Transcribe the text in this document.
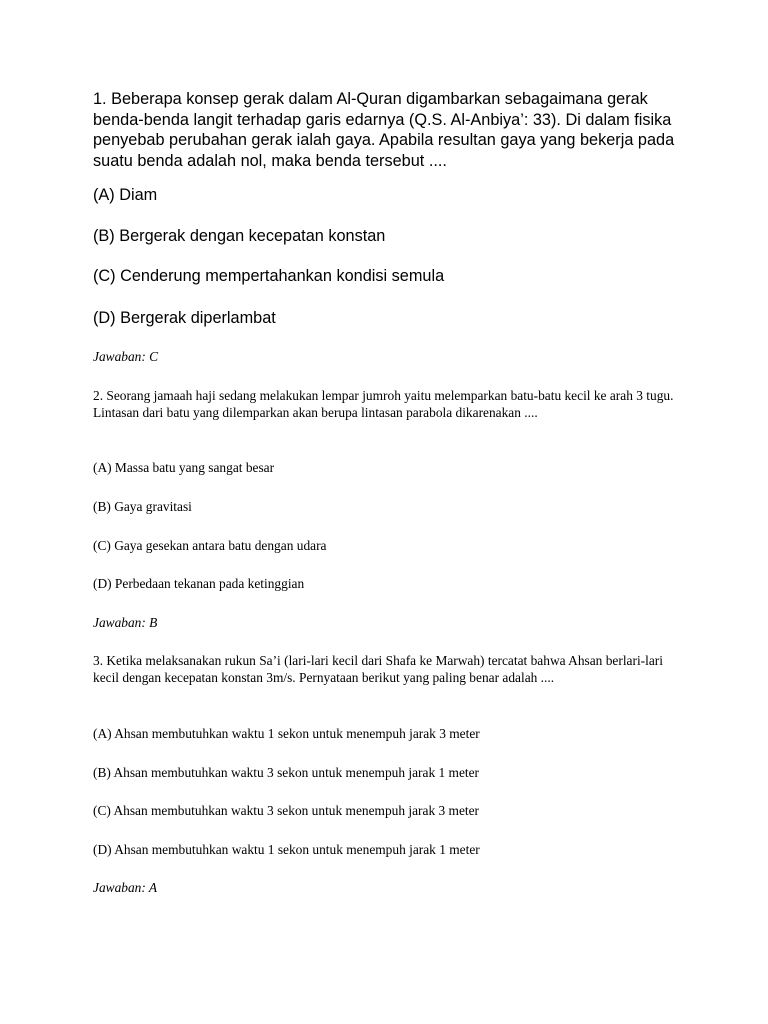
1. Beberapa konsep gerak dalam Al-Quran digambarkan sebagaimana gerak benda-benda langit terhadap garis edarnya (Q.S. Al-Anbiya’: 33). Di dalam fisika penyebab perubahan gerak ialah gaya. Apabila resultan gaya yang bekerja pada suatu benda adalah nol, maka benda tersebut ....

(A) Diam

(B) Bergerak dengan kecepatan konstan

(C) Cenderung mempertahankan kondisi semula

(D) Bergerak diperlambat

Jawaban: C

2. Seorang jamaah haji sedang melakukan lempar jumroh yaitu melemparkan batu-batu kecil ke arah 3 tugu. Lintasan dari batu yang dilemparkan akan berupa lintasan parabola dikarenakan ....

(A) Massa batu yang sangat besar

(B) Gaya gravitasi

(C) Gaya gesekan antara batu dengan udara

(D) Perbedaan tekanan pada ketinggian

Jawaban: B

3. Ketika melaksanakan rukun Sa’i (lari-lari kecil dari Shafa ke Marwah) tercatat bahwa Ahsan berlari-lari kecil dengan kecepatan konstan 3m/s. Pernyataan berikut yang paling benar adalah ....

(A) Ahsan membutuhkan waktu 1 sekon untuk menempuh jarak 3 meter

(B) Ahsan membutuhkan waktu 3 sekon untuk menempuh jarak 1 meter

(C) Ahsan membutuhkan waktu 3 sekon untuk menempuh jarak 3 meter

(D) Ahsan membutuhkan waktu 1 sekon untuk menempuh jarak 1 meter

Jawaban: A
